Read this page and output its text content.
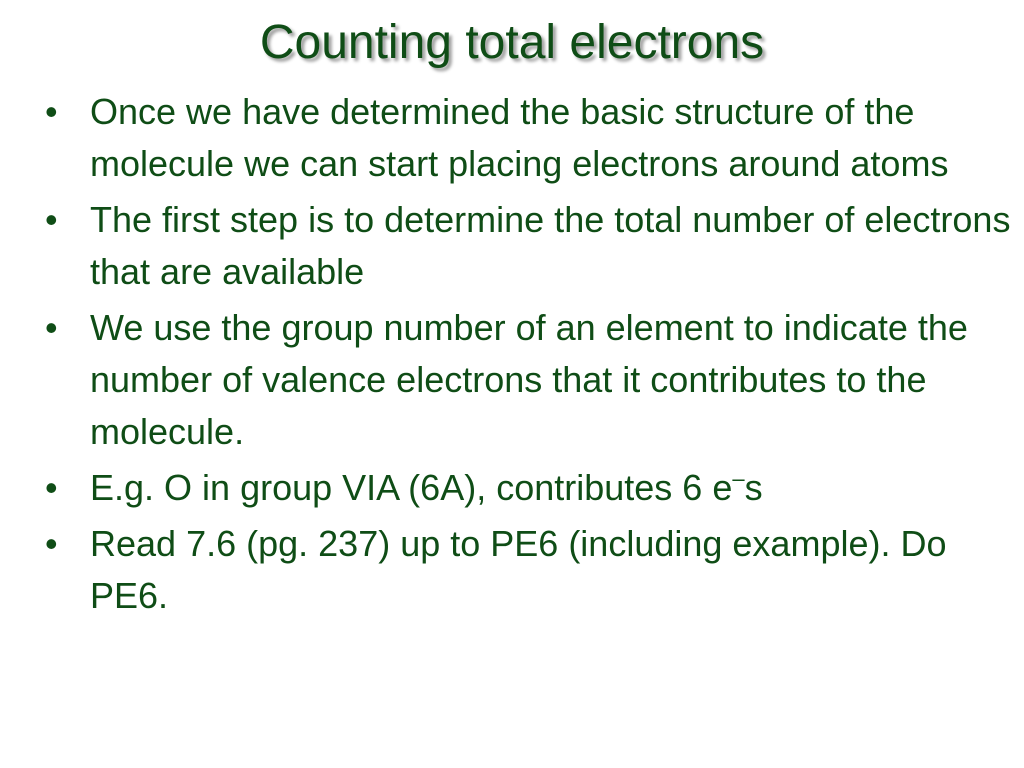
Counting total electrons
• Once we have determined the basic structure of the molecule we can start placing electrons around atoms
• The first step is to determine the total number of electrons that are available
• We use the group number of an element to indicate the number of valence electrons that it contributes to the molecule.
• E.g. O in group VIA (6A), contributes 6 e–s
• Read 7.6 (pg. 237) up to PE6 (including example). Do PE6.
